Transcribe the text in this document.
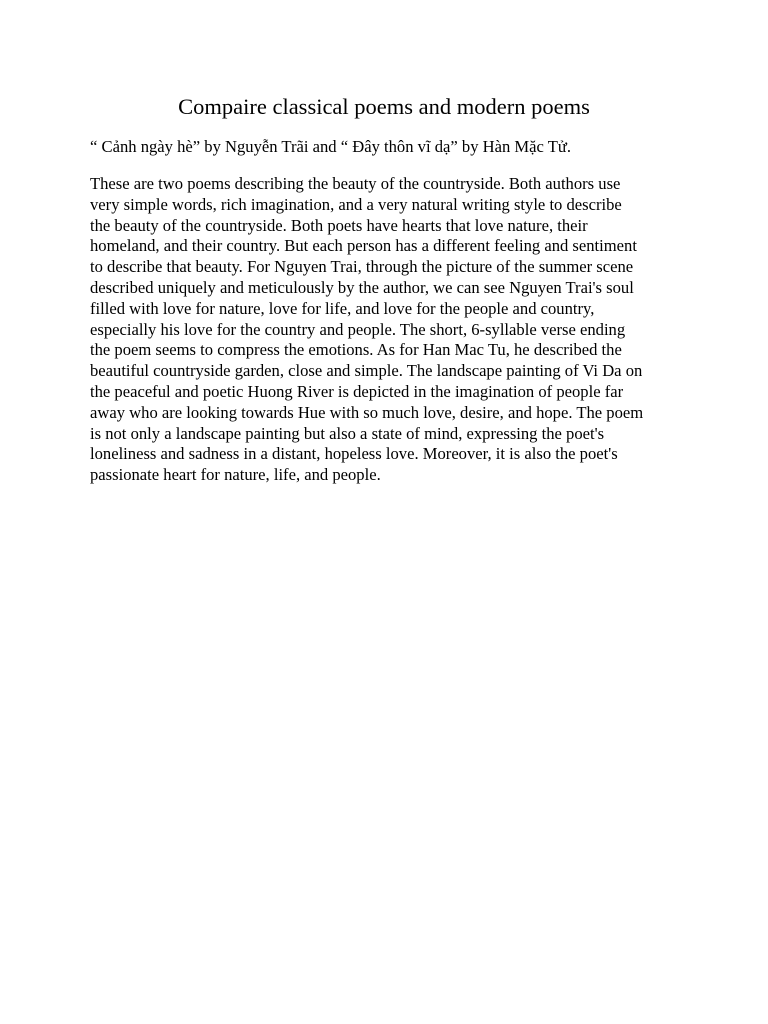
Compaire classical poems and modern poems

“ Cảnh ngày hè” by Nguyễn Trãi and “ Đây thôn vĩ dạ” by Hàn Mặc Tử.

These are two poems describing the beauty of the countryside. Both authors use
very simple words, rich imagination, and a very natural writing style to describe
the beauty of the countryside. Both poets have hearts that love nature, their
homeland, and their country. But each person has a different feeling and sentiment
to describe that beauty. For Nguyen Trai, through the picture of the summer scene
described uniquely and meticulously by the author, we can see Nguyen Trai's soul
filled with love for nature, love for life, and love for the people and country,
especially his love for the country and people. The short, 6-syllable verse ending
the poem seems to compress the emotions. As for Han Mac Tu, he described the
beautiful countryside garden, close and simple. The landscape painting of Vi Da on
the peaceful and poetic Huong River is depicted in the imagination of people far
away who are looking towards Hue with so much love, desire, and hope. The poem
is not only a landscape painting but also a state of mind, expressing the poet's
loneliness and sadness in a distant, hopeless love. Moreover, it is also the poet's
passionate heart for nature, life, and people.
